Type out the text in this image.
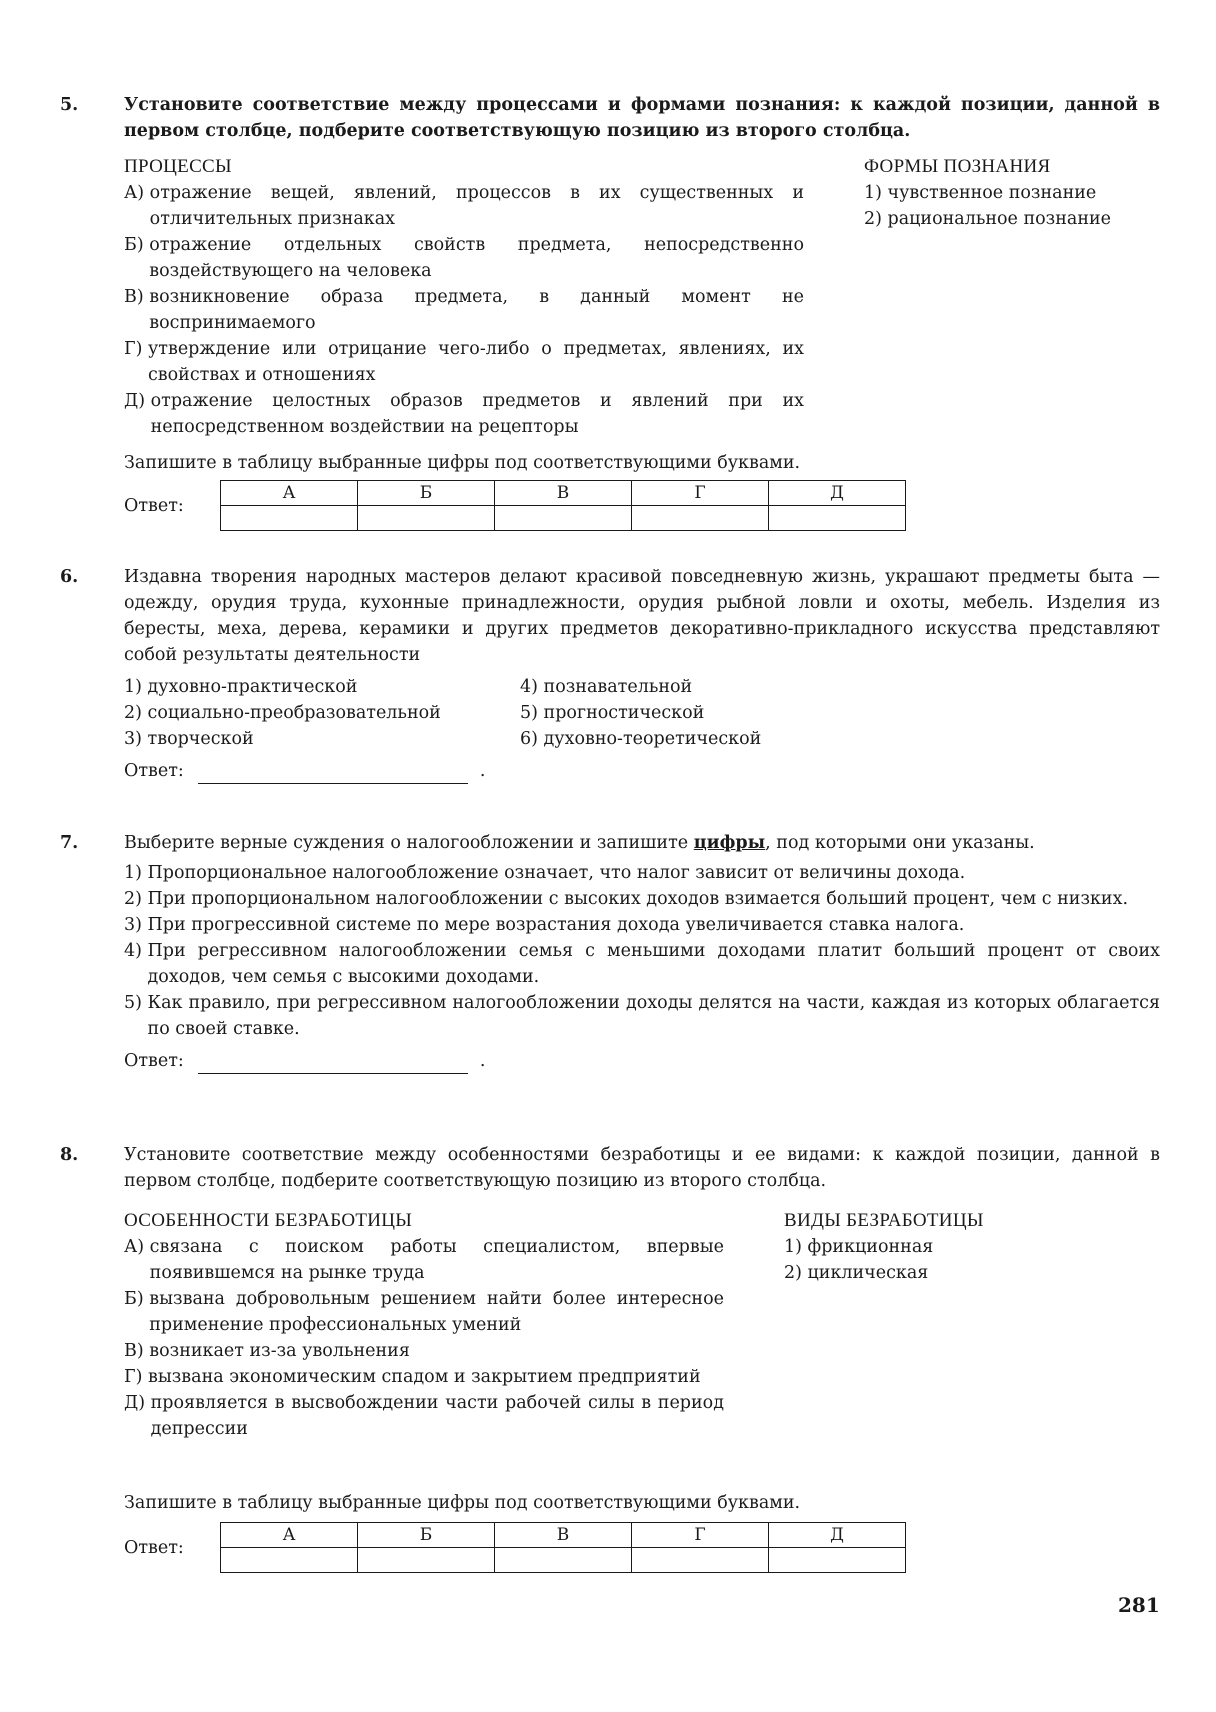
5.	Установите соответствие между процессами и формами познания: к каждой позиции, данной в первом столбце, подберите соответствующую позицию из второго столбца.
ПРОЦЕССЫ
А) отражение вещей, явлений, процессов в их существенных и отличительных признаках
Б) отражение отдельных свойств предмета, непосредственно воздействующего на человека
В) возникновение образа предмета, в данный момент не воспринимаемого
Г) утверждение или отрицание чего-либо о предметах, явлениях, их свойствах и отношениях
Д) отражение целостных образов предметов и явлений при их непосредственном воздействии на рецепторы
ФОРМЫ ПОЗНАНИЯ
1) чувственное познание
2) рациональное познание
Запишите в таблицу выбранные цифры под соответствующими буквами.
Ответ:
А	Б	В	Г	Д

6.	Издавна творения народных мастеров делают красивой повседневную жизнь, украшают предметы быта — одежду, орудия труда, кухонные принадлежности, орудия рыбной ловли и охоты, мебель. Изделия из бересты, меха, дерева, керамики и других предметов декоративно-прикладного искусства представляют собой результаты деятельности
1) духовно-практической	4) познавательной
2) социально-преобразовательной	5) прогностической
3) творческой	6) духовно-теоретической
Ответ:	.
7.	Выберите верные суждения о налогообложении и запишите цифры, под которыми они указаны.
1) Пропорциональное налогообложение означает, что налог зависит от величины дохода.
2) При пропорциональном налогообложении с высоких доходов взимается больший процент, чем с низких.
3) При прогрессивной системе по мере возрастания дохода увеличивается ставка налога.
4) При регрессивном налогообложении семья с меньшими доходами платит больший процент от своих доходов, чем семья с высокими доходами.
5) Как правило, при регрессивном налогообложении доходы делятся на части, каждая из которых облагается по своей ставке.
Ответ:	.
8.	Установите соответствие между особенностями безработицы и ее видами: к каждой позиции, данной в первом столбце, подберите соответствующую позицию из второго столбца.
ОСОБЕННОСТИ БЕЗРАБОТИЦЫ
А) связана с поиском работы специалистом, впервые появившемся на рынке труда
Б) вызвана добровольным решением найти более интересное применение профессиональных умений
В) возникает из-за увольнения
Г) вызвана экономическим спадом и закрытием предприятий
Д) проявляется в высвобождении части рабочей силы в период депрессии
ВИДЫ БЕЗРАБОТИЦЫ
1) фрикционная
2) циклическая
Запишите в таблицу выбранные цифры под соответствующими буквами.
Ответ:
А	Б	В	Г	Д

281
